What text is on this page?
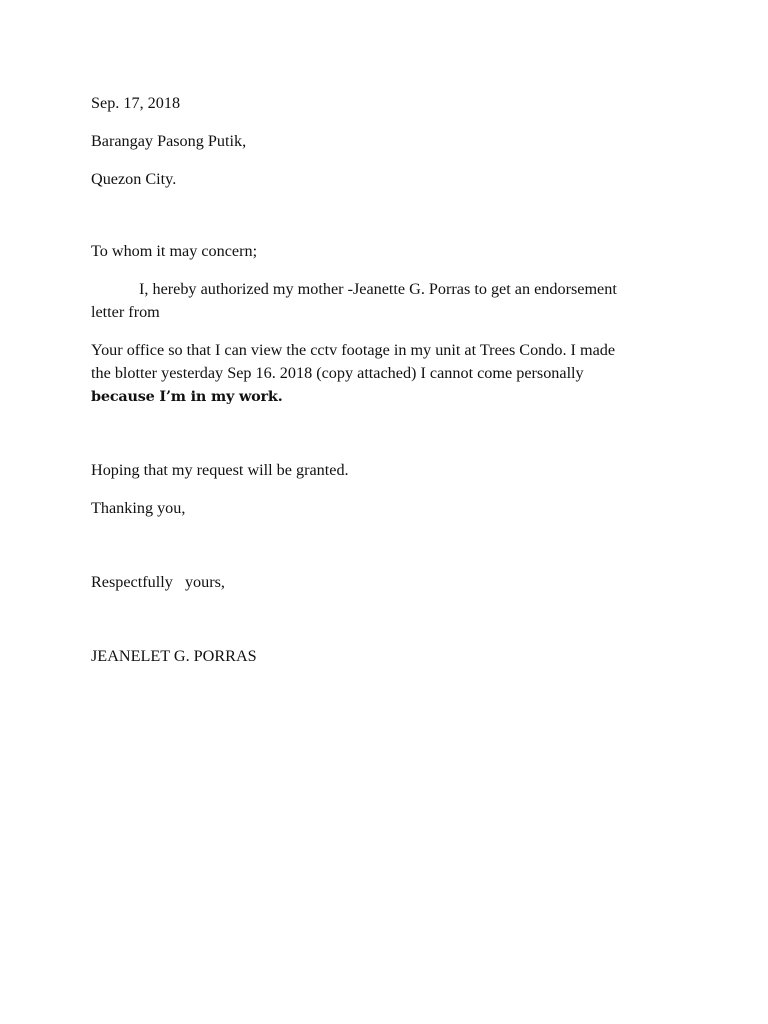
Sep. 17, 2018

Barangay Pasong Putik,

Quezon City.

To whom it may concern;

I, hereby authorized my mother -Jeanette G. Porras to get an endorsement

letter from

Your office so that I can view the cctv footage in my unit at Trees Condo. I made

the blotter yesterday Sep 16. 2018 (copy attached) I cannot come personally

because I’m in my work.

Hoping that my request will be granted.

Thanking you,

Respectfully   yours,

JEANELET G. PORRAS
